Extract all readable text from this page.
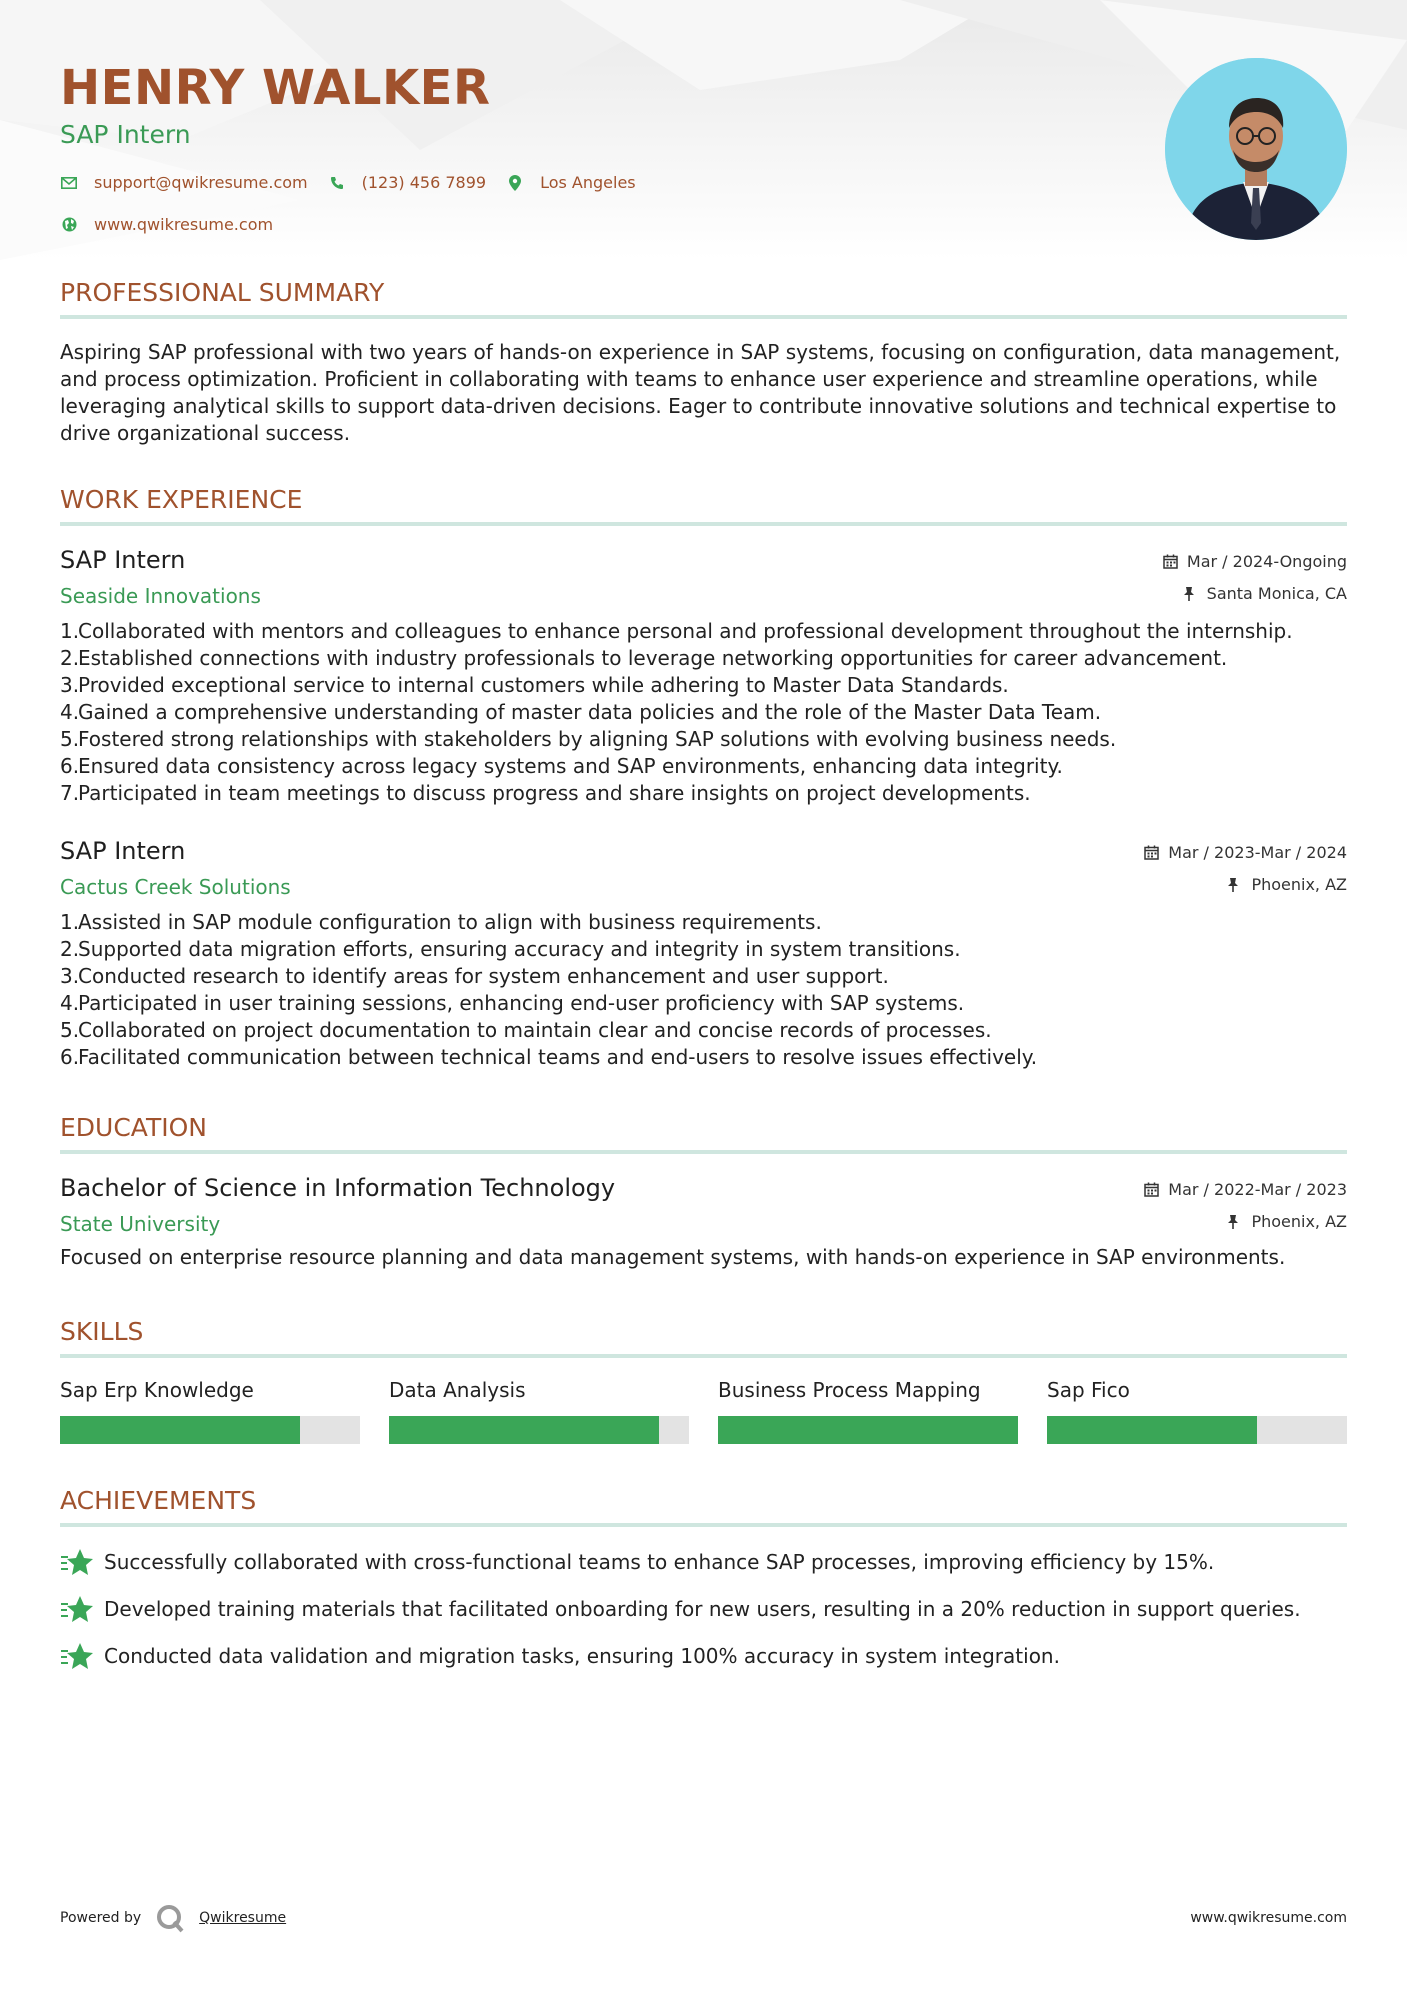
HENRY WALKER
SAP Intern
support@qwikresume.com	(123) 456 7899	Los Angeles
www.qwikresume.com
PROFESSIONAL SUMMARY
Aspiring SAP professional with two years of hands-on experience in SAP systems, focusing on configuration, data management, and process optimization. Proficient in collaborating with teams to enhance user experience and streamline operations, while leveraging analytical skills to support data-driven decisions. Eager to contribute innovative solutions and technical expertise to drive organizational success.
WORK EXPERIENCE
SAP Intern
Seaside Innovations
Mar / 2024-Ongoing
Santa Monica, CA
1.
Collaborated with mentors and colleagues to enhance personal and professional development throughout the internship.
2.
Established connections with industry professionals to leverage networking opportunities for career advancement.
3.
Provided exceptional service to internal customers while adhering to Master Data Standards.
4.
Gained a comprehensive understanding of master data policies and the role of the Master Data Team.
5.
Fostered strong relationships with stakeholders by aligning SAP solutions with evolving business needs.
6.
Ensured data consistency across legacy systems and SAP environments, enhancing data integrity.
7.
Participated in team meetings to discuss progress and share insights on project developments.
SAP Intern
Cactus Creek Solutions
Mar / 2023-Mar / 2024
Phoenix, AZ
1.
Assisted in SAP module configuration to align with business requirements.
2.
Supported data migration efforts, ensuring accuracy and integrity in system transitions.
3.
Conducted research to identify areas for system enhancement and user support.
4.
Participated in user training sessions, enhancing end-user proficiency with SAP systems.
5.
Collaborated on project documentation to maintain clear and concise records of processes.
6.
Facilitated communication between technical teams and end-users to resolve issues effectively.
EDUCATION
Bachelor of Science in Information Technology
State University
Mar / 2022-Mar / 2023
Phoenix, AZ
Focused on enterprise resource planning and data management systems, with hands-on experience in SAP environments.
SKILLS
Sap Erp Knowledge	Data Analysis	Business Process Mapping	Sap Fico
ACHIEVEMENTS
Successfully collaborated with cross-functional teams to enhance SAP processes, improving efficiency by 15%.
Developed training materials that facilitated onboarding for new users, resulting in a 20% reduction in support queries.
Conducted data validation and migration tasks, ensuring 100% accuracy in system integration.
Powered by	Qwikresume	www.qwikresume.com
